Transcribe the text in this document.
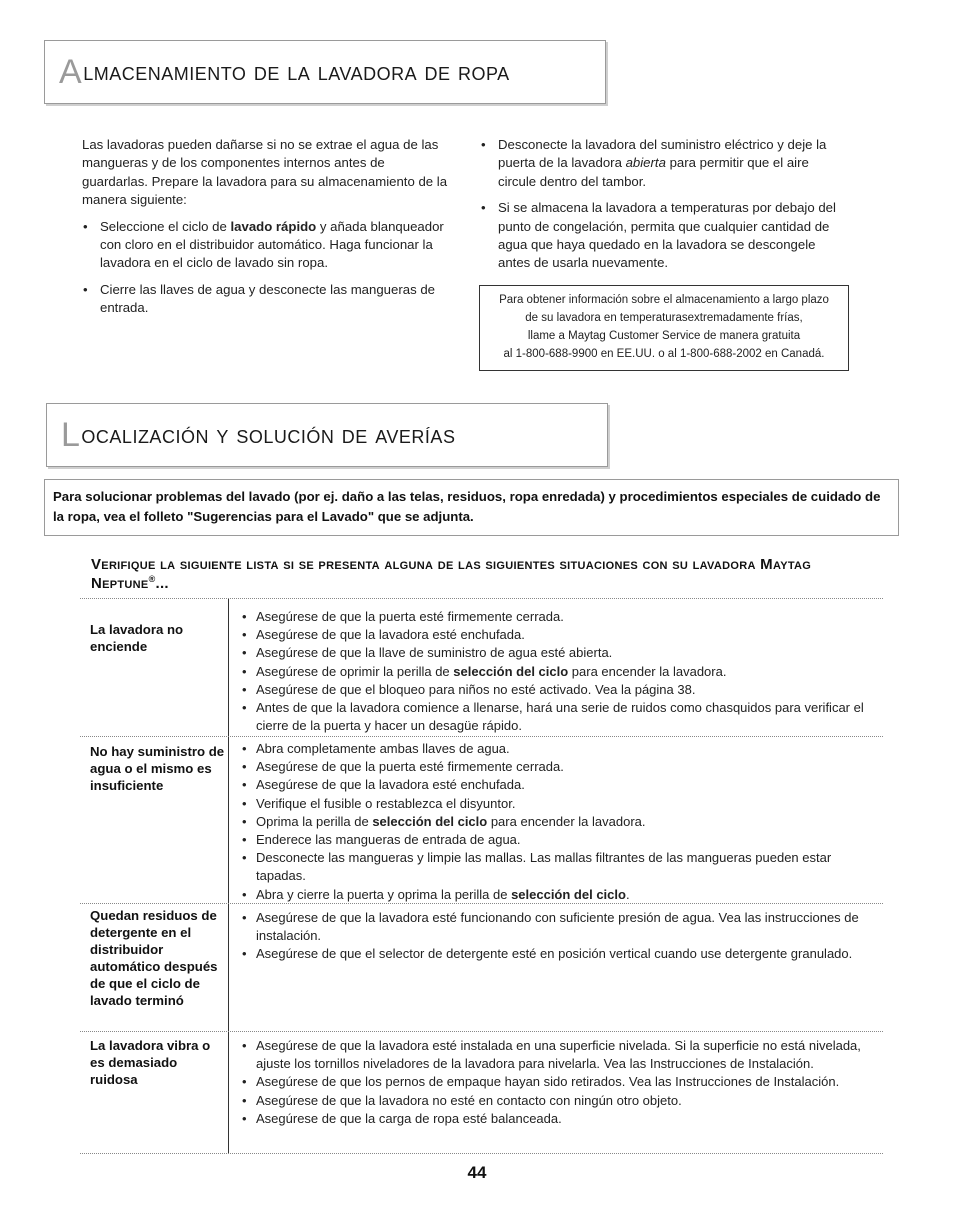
A lmacenamiento de la lavadora de ropa

Las lavadoras pueden dañarse si no se extrae el agua de las mangueras y de los componentes internos antes de guardarlas. Prepare la lavadora para su almacenamiento de la manera siguiente:

• Seleccione el ciclo de lavado rápido y añada blanqueador con cloro en el distribuidor automático. Haga funcionar la lavadora en el ciclo de lavado sin ropa.
• Cierre las llaves de agua y desconecte las mangueras de entrada.
• Desconecte la lavadora del suministro eléctrico y deje la puerta de la lavadora abierta para permitir que el aire circule dentro del tambor.
• Si se almacena la lavadora a temperaturas por debajo del punto de congelación, permita que cualquier cantidad de agua que haya quedado en la lavadora se descongele antes de usarla nuevamente.
Para obtener información sobre el almacenamiento a largo plazo
de su lavadora en temperaturasextremadamente frías,
llame a Maytag Customer Service de manera gratuita
al 1-800-688-9900 en EE.UU. o al 1-800-688-2002 en Canadá.
L ocalización y solución de averías
Para solucionar problemas del lavado (por ej. daño a las telas, residuos, ropa enredada) y procedimientos especiales de cuidado de la ropa, vea el folleto "Sugerencias para el Lavado" que se adjunta.
Verifique la siguiente lista si se presenta alguna de las siguientes situaciones con su lavadora Maytag Neptune®...
La lavadora no enciende
• Asegúrese de que la puerta esté firmemente cerrada.
• Asegúrese de que la lavadora esté enchufada.
• Asegúrese de que la llave de suministro de agua esté abierta.
• Asegúrese de oprimir la perilla de selección del ciclo para encender la lavadora.
• Asegúrese de que el bloqueo para niños no esté activado. Vea la página 38.
• Antes de que la lavadora comience a llenarse, hará una serie de ruidos como chasquidos para verificar el cierre de la puerta y hacer un desagüe rápido.
No hay suministro de agua o el mismo es insuficiente
• Abra completamente ambas llaves de agua.
• Asegúrese de que la puerta esté firmemente cerrada.
• Asegúrese de que la lavadora esté enchufada.
• Verifique el fusible o restablezca el disyuntor.
• Oprima la perilla de selección del ciclo para encender la lavadora.
• Enderece las mangueras de entrada de agua.
• Desconecte las mangueras y limpie las mallas. Las mallas filtrantes de las mangueras pueden estar tapadas.
• Abra y cierre la puerta y oprima la perilla de selección del ciclo.
Quedan residuos de detergente en el distribuidor automático después de que el ciclo de lavado terminó
• Asegúrese de que la lavadora esté funcionando con suficiente presión de agua. Vea las instrucciones de instalación.
• Asegúrese de que el selector de detergente esté en posición vertical cuando use detergente granulado.
La lavadora vibra o es demasiado ruidosa
• Asegúrese de que la lavadora esté instalada en una superficie nivelada. Si la superficie no está nivelada, ajuste los tornillos niveladores de la lavadora para nivelarla. Vea las Instrucciones de Instalación.
• Asegúrese de que los pernos de empaque hayan sido retirados. Vea las Instrucciones de Instalación.
• Asegúrese de que la lavadora no esté en contacto con ningún otro objeto.
• Asegúrese de que la carga de ropa esté balanceada.
44
